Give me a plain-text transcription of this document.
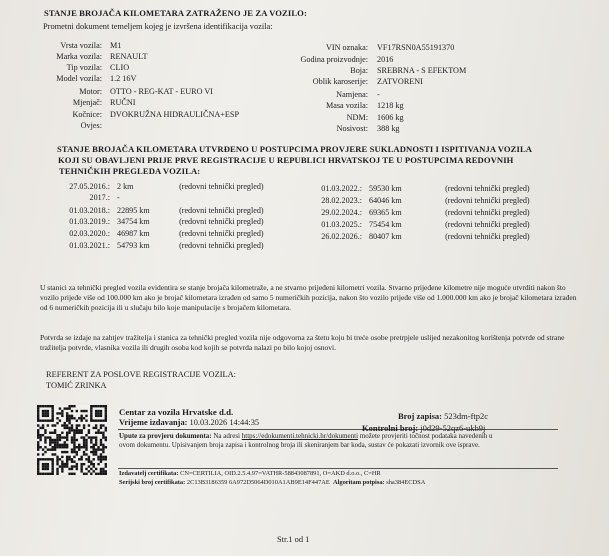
STANJE BROJAČA KILOMETARA ZATRAŽENO JE ZA VOZILO:
Prometni dokument temeljem kojeg je izvršena identifikacija vozila:
Vrsta vozila: M1
Marka vozila: RENAULT
Tip vozila: CLIO
Model vozila: 1.2 16V
Motor: OTTO - REG-KAT - EURO VI
Mjenjač: RUČNI
Kočnice: DVOKRUŽNA HIDRAULIČNA+ESP
Ovjes:
VIN oznaka: VF17RSN0A55191370
Godina proizvodnje: 2016
Boja: SREBRNA - S EFEKTOM
Oblik karoserije: ZATVORENI
Namjena: -
Masa vozila: 1218 kg
NDM: 1606 kg
Nosivost: 388 kg
STANJE BROJAČA KILOMETARA UTVRĐENO U POSTUPCIMA PROVJERE SUKLADNOSTI I ISPITIVANJA VOZILA
KOJI SU OBAVLJENI PRIJE PRVE REGISTRACIJE U REPUBLICI HRVATSKOJ TE U POSTUPCIMA REDOVNIH
TEHNIČKIH PREGLEDA VOZILA:
27.05.2016.: 2 km	(redovni tehnički pregled)
2017.: -
01.03.2018.: 22895 km	(redovni tehnički pregled)
01.03.2019.: 34754 km	(redovni tehnički pregled)
02.03.2020.: 46987 km	(redovni tehnički pregled)
01.03.2021.: 54793 km	(redovni tehnički pregled)
01.03.2022.: 59530 km	(redovni tehnički pregled)
28.02.2023.: 64046 km	(redovni tehnički pregled)
29.02.2024.: 69365 km	(redovni tehnički pregled)
01.03.2025.: 75454 km	(redovni tehnički pregled)
26.02.2026.: 80407 km	(redovni tehnički pregled)
U stanici za tehnički pregled vozila evidentira se stanje brojača kilometraže, a ne stvarno prijeđeni kilometri vozila. Stvarno prijeđene kilometre nije moguće utvrditi nakon što vozilo prijeđe više od 100.000 km ako je brojač kilometara izrađen od samo 5 numeričkih pozicija, nakon što vozilo prijeđe više od 1.000.000 km ako je brojač kilometara izrađen od 6 numeričkih pozicija ili u slučaju bilo koje manipulacije s brojačem kilometara.
Potvrda se izdaje na zahtjev tražitelja i stanica za tehnički pregled vozila nije odgovorna za štetu koju bi treće osobe pretrpjele uslijed nezakonitog korištenja potvrde od strane tražitelja potvrde, vlasnika vozila ili drugih osoba kod kojih se potvrda nalazi po bilo kojoj osnovi.
REFERENT ZA POSLOVE REGISTRACIJE VOZILA:
TOMIĆ ZRINKA
Centar za vozila Hrvatske d.d.
Vrijeme izdavanja: 10.03.2026 14:44:35
Broj zapisa: 523dm-ftp2c
Kontrolni broj: j0d29-52qz6-ukb9j
Upute za provjeru dokumenta: Na adresi https://edokumenti.tehnicki.hr/dokumenti možete provjeriti točnost podataka navedenih u ovom dokumentu. Upisivanjem broja zapisa i kontrolnog broja ili skeniranjem bar koda, sustav će pokazati izvornik ove isprave.
Izdavatelj certifikata: CN=CERTILIA, OID.2.5.4.97=VATHR-58843087891, O=AKD d.o.o., C=HR
Serijski broj certifikata: 2C13B3186359 6A972D5064D010A1AB9E14F447AE Algoritam potpisa: sha384ECDSA
Str.1 od 1
